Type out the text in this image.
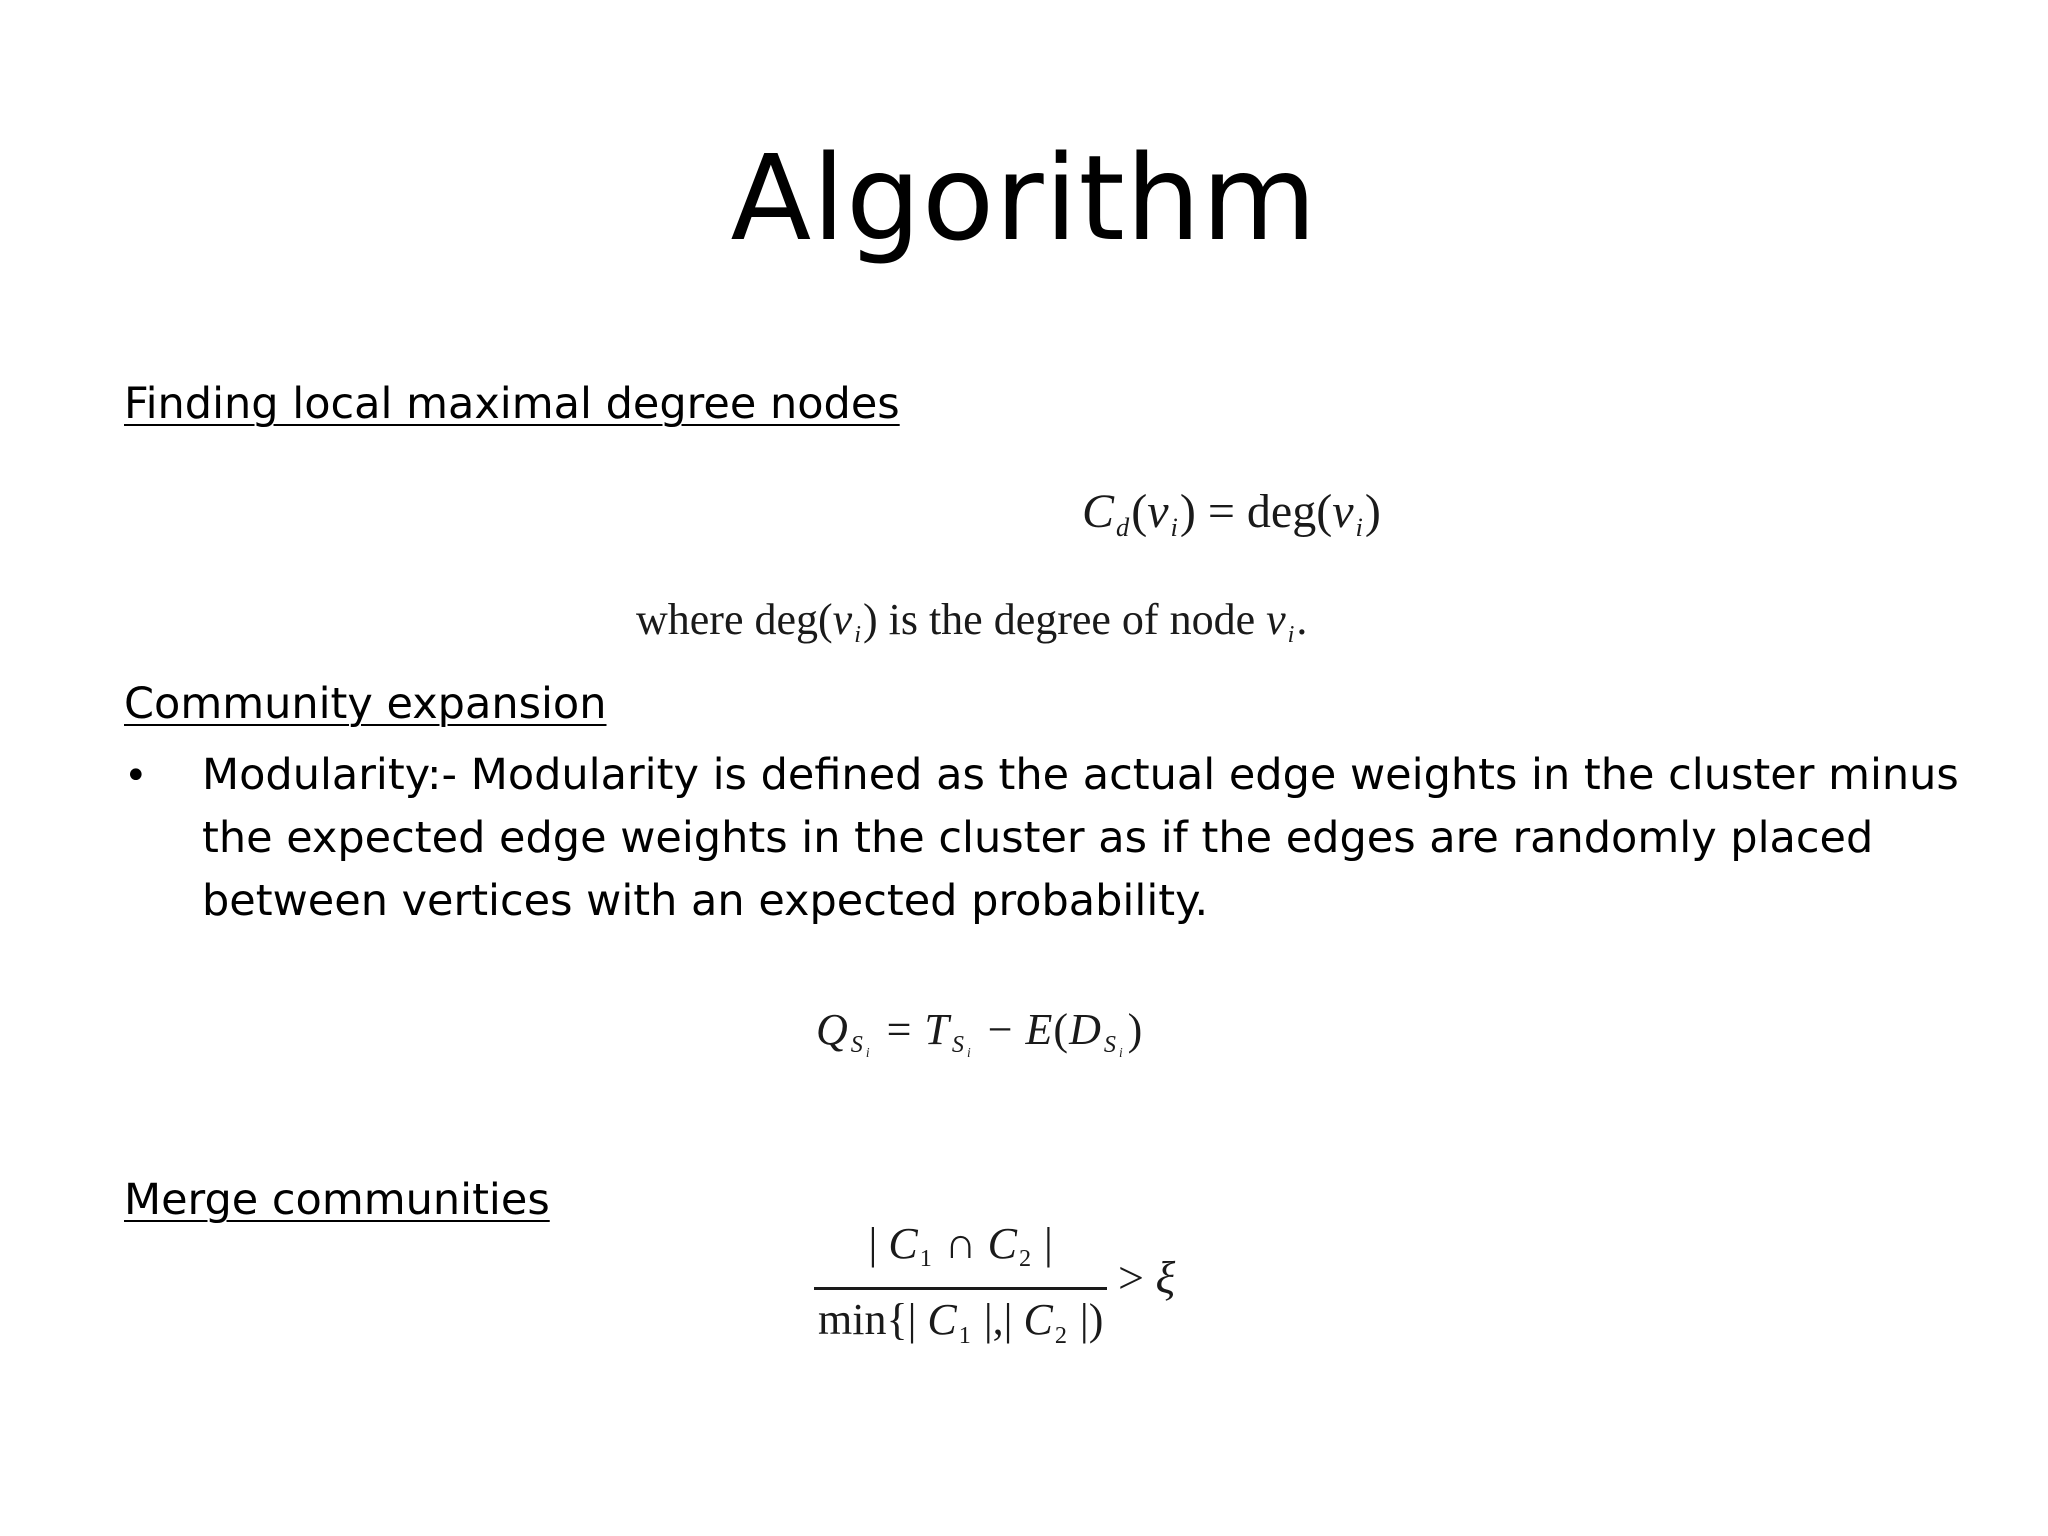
Algorithm
Finding local maximal degree nodes
$C_d(v_i) = deg(v_i)$
where $deg(v_i)$ is the degree of node $v_i$.
Community expansion
• Modularity:- Modularity is defined as the actual edge weights in the cluster minus the expected edge weights in the cluster as if the edges are randomly placed between vertices with an expected probability.
$Q_{S _i} = T_{S _i} - E(D_{S _i})$
Merge communities
| $C_1$ ∩ $C_2$ |
min{| $C_1$ |,| $C_2$ |)
> ξ
